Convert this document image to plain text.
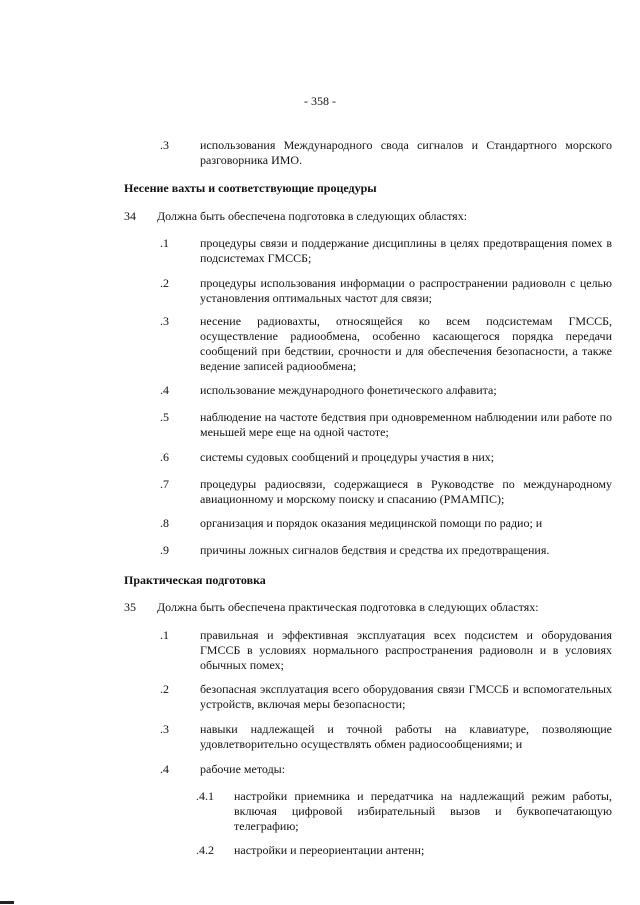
- 358 -
.3	использования Международного свода сигналов и Стандартного морского разговорника ИМО.

Несение вахты и соответствующие процедуры

34 Должна быть обеспечена подготовка в следующих областях:

.1	процедуры связи и поддержание дисциплины в целях предотвращения помех в подсистемах ГМССБ;

.2	процедуры использования информации о распространении радиоволн с целью установления оптимальных частот для связи;

.3	несение радиовахты, относящейся ко всем подсистемам ГМССБ, осуществление радиообмена, особенно касающегося порядка передачи сообщений при бедствии, срочности и для обеспечения безопасности, а также ведение записей радиообмена;

.4	использование международного фонетического алфавита;

.5	наблюдение на частоте бедствия при одновременном наблюдении или работе по меньшей мере еще на одной частоте;

.6	системы судовых сообщений и процедуры участия в них;

.7	процедуры радиосвязи, содержащиеся в Руководстве по международному авиационному и морскому поиску и спасанию (РМАМПС);

.8	организация и порядок оказания медицинской помощи по радио; и

.9	причины ложных сигналов бедствия и средства их предотвращения.

Практическая подготовка

35 Должна быть обеспечена практическая подготовка в следующих областях:

.1	правильная и эффективная эксплуатация всех подсистем и оборудования ГМССБ в условиях нормального распространения радиоволн и в условиях обычных помех;

.2	безопасная эксплуатация всего оборудования связи ГМССБ и вспомогательных устройств, включая меры безопасности;

.3	навыки надлежащей и точной работы на клавиатуре, позволяющие удовлетворительно осуществлять обмен радиосообщениями; и

.4	рабочие методы:

.4.1 настройки приемника и передатчика на надлежащий режим работы, включая цифровой избирательный вызов и буквопечатающую телеграфию;

.4.2 настройки и переориентации антенн;
